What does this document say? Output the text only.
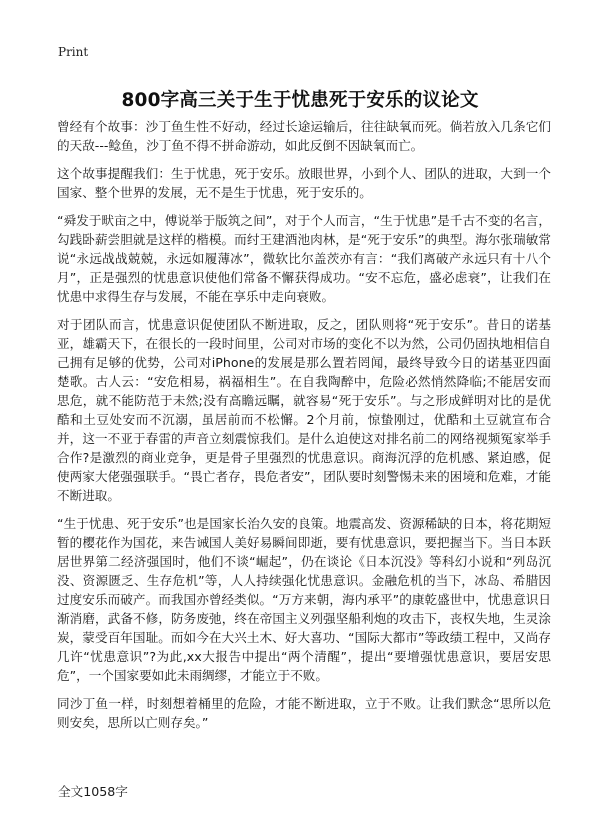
Print
800字高三关于生于忧患死于安乐的议论文

曾经有个故事：沙丁鱼生性不好动，经过长途运输后，往往缺氧而死。倘若放入几条它们的天敌---鲶鱼，沙丁鱼不得不拼命游动，如此反倒不因缺氧而亡。

这个故事提醒我们：生于忧患，死于安乐。放眼世界，小到个人、团队的进取，大到一个国家、整个世界的发展，无不是生于忧患，死于安乐的。

“舜发于畎亩之中，傅说举于版筑之间”，对于个人而言，“生于忧患”是千古不变的名言，勾践卧薪尝胆就是这样的楷模。而纣王建酒池肉林，是“死于安乐”的典型。海尔张瑞敏常说“永远战战兢兢，永远如履薄冰”，微软比尔盖茨亦有言：“我们离破产永远只有十八个月”，正是强烈的忧患意识使他们常备不懈获得成功。“安不忘危，盛必虑衰”，让我们在忧患中求得生存与发展，不能在享乐中走向衰败。

对于团队而言，忧患意识促使团队不断进取，反之，团队则将“死于安乐”。昔日的诺基亚，雄霸天下，在很长的一段时间里，公司对市场的变化不以为然，公司仍固执地相信自己拥有足够的优势，公司对iPhone的发展是那么置若罔闻，最终导致今日的诺基亚四面楚歌。古人云：“安危相易，祸福相生”。在自我陶醉中，危险必然悄然降临;不能居安而思危，就不能防范于未然;没有高瞻远瞩，就容易“死于安乐”。与之形成鲜明对比的是优酷和土豆处安而不沉溺，虽居前而不松懈。2个月前，惊蛰刚过，优酷和土豆就宣布合并，这一不亚于春雷的声音立刻震惊我们。是什么迫使这对排名前二的网络视频冤家举手合作?是激烈的商业竞争，更是骨子里强烈的忧患意识。商海沉浮的危机感、紧迫感，促使两家大佬强强联手。“畏亡者存，畏危者安”，团队要时刻警惕未来的困境和危难，才能不断进取。

“生于忧患、死于安乐”也是国家长治久安的良策。地震高发、资源稀缺的日本，将花期短暂的樱花作为国花，来告诫国人美好易瞬间即逝，要有忧患意识，要把握当下。当日本跃居世界第二经济强国时，他们不谈“崛起”，仍在谈论《日本沉没》等科幻小说和“列岛沉没、资源匮乏、生存危机”等，人人持续强化忧患意识。金融危机的当下，冰岛、希腊因过度安乐而破产。而我国亦曾经类似。“万方来朝，海内承平”的康乾盛世中，忧患意识日渐消磨，武备不修，防务废弛，终在帝国主义列强坚船利炮的攻击下，丧权失地，生灵涂炭，蒙受百年国耻。而如今在大兴土木、好大喜功、“国际大都市”等政绩工程中，又尚存几许“忧患意识”?为此,xx大报告中提出“两个清醒”，提出“要增强忧患意识，要居安思危”，一个国家要如此未雨绸缪，才能立于不败。

同沙丁鱼一样，时刻想着桶里的危险，才能不断进取，立于不败。让我们默念“思所以危则安矣，思所以亡则存矣。”

全文1058字
